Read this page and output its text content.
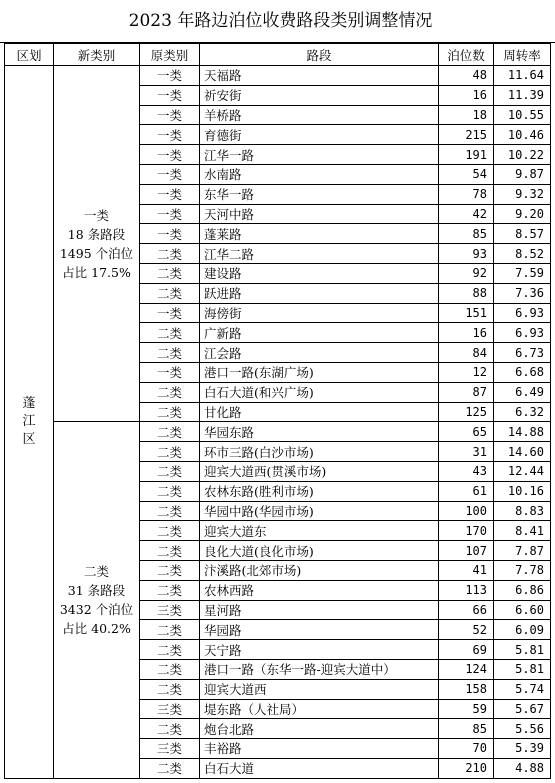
2023 年路边泊位收费路段类别调整情况
区划	新类别	原类别	路段	泊位数	周转率

蓬
江
区	一类
18 条路段
1495 个泊位
占比 17.5%	一类	天福路	48	11.64
		一类	祈安街	16	11.39
		一类	羊桥路	18	10.55
		一类	育德街	215	10.46
		一类	江华一路	191	10.22
		一类	水南路	54	9.87
		一类	东华一路	78	9.32
		一类	天河中路	42	9.20
		一类	蓬莱路	85	8.57
		二类	江华二路	93	8.52
		二类	建设路	92	7.59
		二类	跃进路	88	7.36
		一类	海傍街	151	6.93
		二类	广新路	16	6.93
		二类	江会路	84	6.73
		一类	港口一路(东湖广场)	12	6.68
		二类	白石大道(和兴广场)	87	6.49
		二类	甘化路	125	6.32

	二类
31 条路段
3432 个泊位
占比 40.2%	二类	华园东路	65	14.88
		二类	环市三路(白沙市场)	31	14.60
		二类	迎宾大道西(贯溪市场)	43	12.44
		二类	农林东路(胜利市场)	61	10.16
		二类	华园中路(华园市场)	100	8.83
		二类	迎宾大道东	170	8.41
		二类	良化大道(良化市场)	107	7.87
		二类	汴溪路(北郊市场)	41	7.78
		二类	农林西路	113	6.86
		三类	星河路	66	6.60
		二类	华园路	52	6.09
		二类	天宁路	69	5.81
		二类	港口一路（东华一路-迎宾大道中）	124	5.81
		二类	迎宾大道西	158	5.74
		三类	堤东路（人社局）	59	5.67
		二类	炮台北路	85	5.56
		三类	丰裕路	70	5.39
		二类	白石大道	210	4.88
